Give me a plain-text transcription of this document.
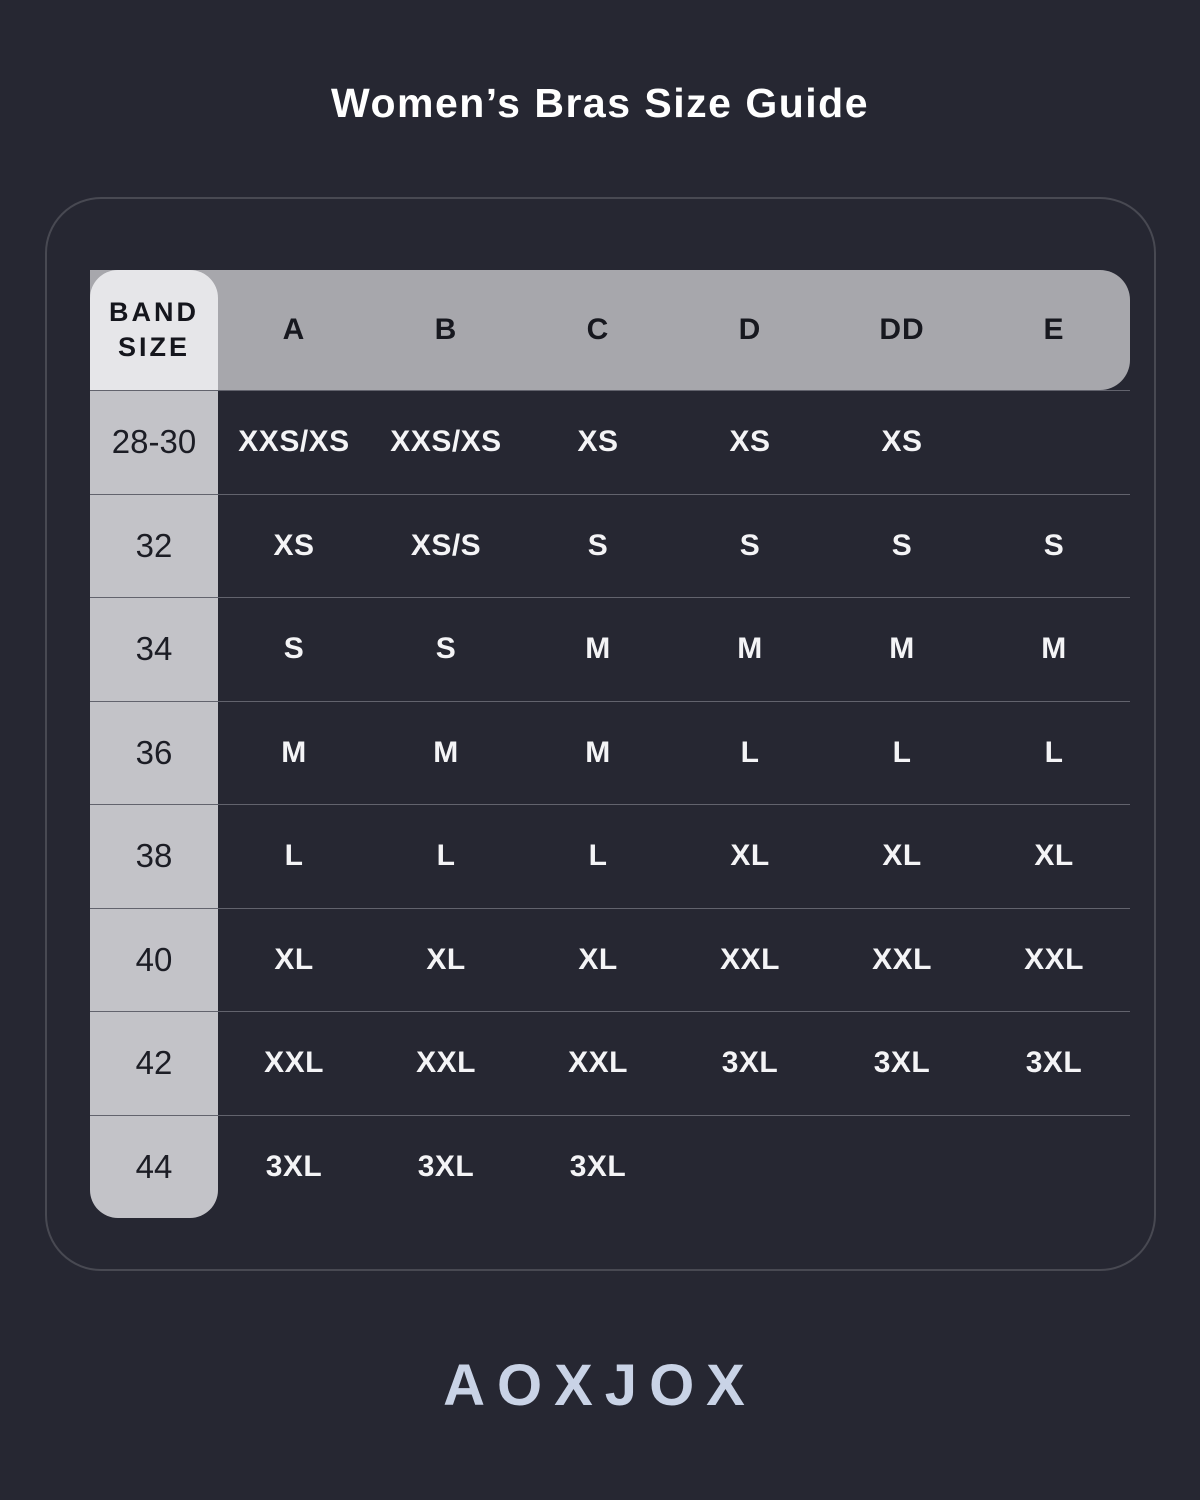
Women’s Bras Size Guide
BAND SIZE
A	B	C	D	DD	E
28-30	XXS/XS	XXS/XS	XS	XS	XS
32	XS	XS/S	S	S	S	S
34	S	S	M	M	M	M
36	M	M	M	L	L	L
38	L	L	L	XL	XL	XL
40	XL	XL	XL	XXL	XXL	XXL
42	XXL	XXL	XXL	3XL	3XL	3XL
44	3XL	3XL	3XL
AOXJOX
